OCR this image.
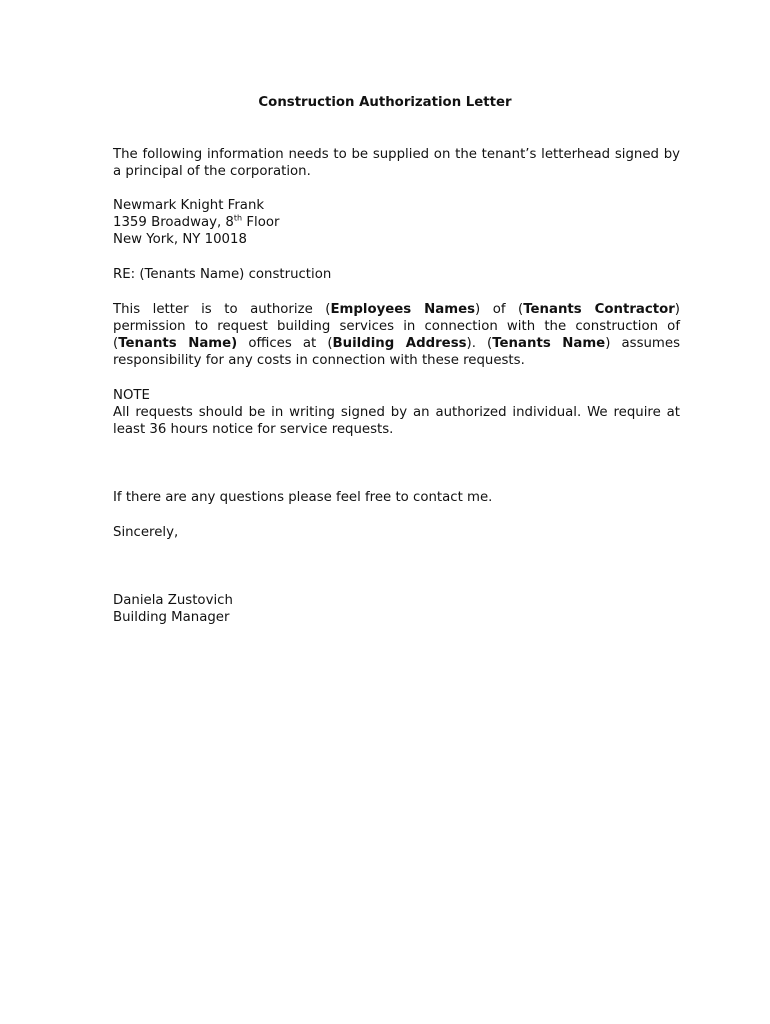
Construction Authorization Letter
The following information needs to be supplied on the tenant’s letterhead signed by a principal of the corporation.
Newmark Knight Frank
1359 Broadway, 8th Floor
New York, NY 10018
RE: (Tenants Name) construction
This letter is to authorize (Employees Names) of (Tenants Contractor) permission to request building services in connection with the construction of (Tenants Name) offices at (Building Address). (Tenants Name) assumes responsibility for any costs in connection with these requests.
NOTE
All requests should be in writing signed by an authorized individual. We require at least 36 hours notice for service requests.
If there are any questions please feel free to contact me.
Sincerely,
Daniela Zustovich
Building Manager
